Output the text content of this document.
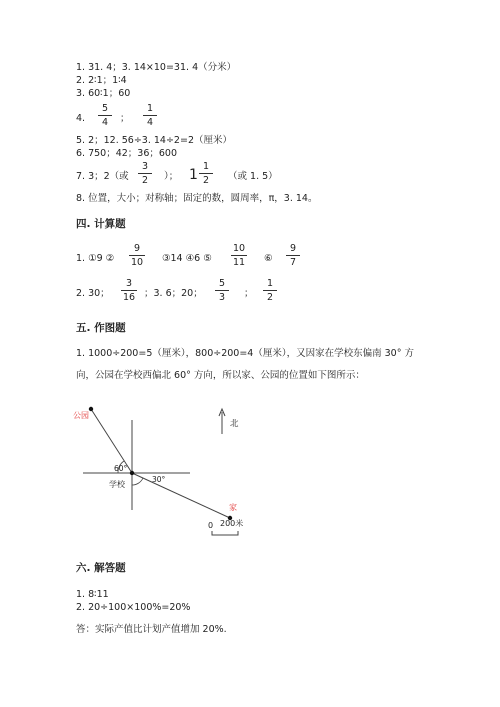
1. 31. 4；3. 14×10=31. 4（分米）
2. 2∶1；1∶4
3. 60∶1；60
4.
5
4	；
1
4
5. 2；12. 56÷3. 14÷2=2（厘米）
6. 750；42；36；600
7. 3；2（或
3
2	）； 1
1
2	（或 1. 5）
8. 位置，大小；对称轴；固定的数，圆周率，π，3. 14。
四. 计算题
1. ①9 ②
9
10 ③14 ④6 ⑤
10
11 ⑥
9
7
2. 30；
3
16 ；3. 6；20；
5
3	；
1
2
五. 作图题
1. 1000÷200=5（厘米），800÷200=4（厘米），又因家在学校东偏南 30° 方
向，公园在学校西偏北 60° 方向，所以家、公园的位置如下图所示：
公园
学校
家
60°
30°
北
0 200米
六. 解答题
1. 8∶11
2. 20÷100×100%=20%
答：实际产值比计划产值增加 20%.
